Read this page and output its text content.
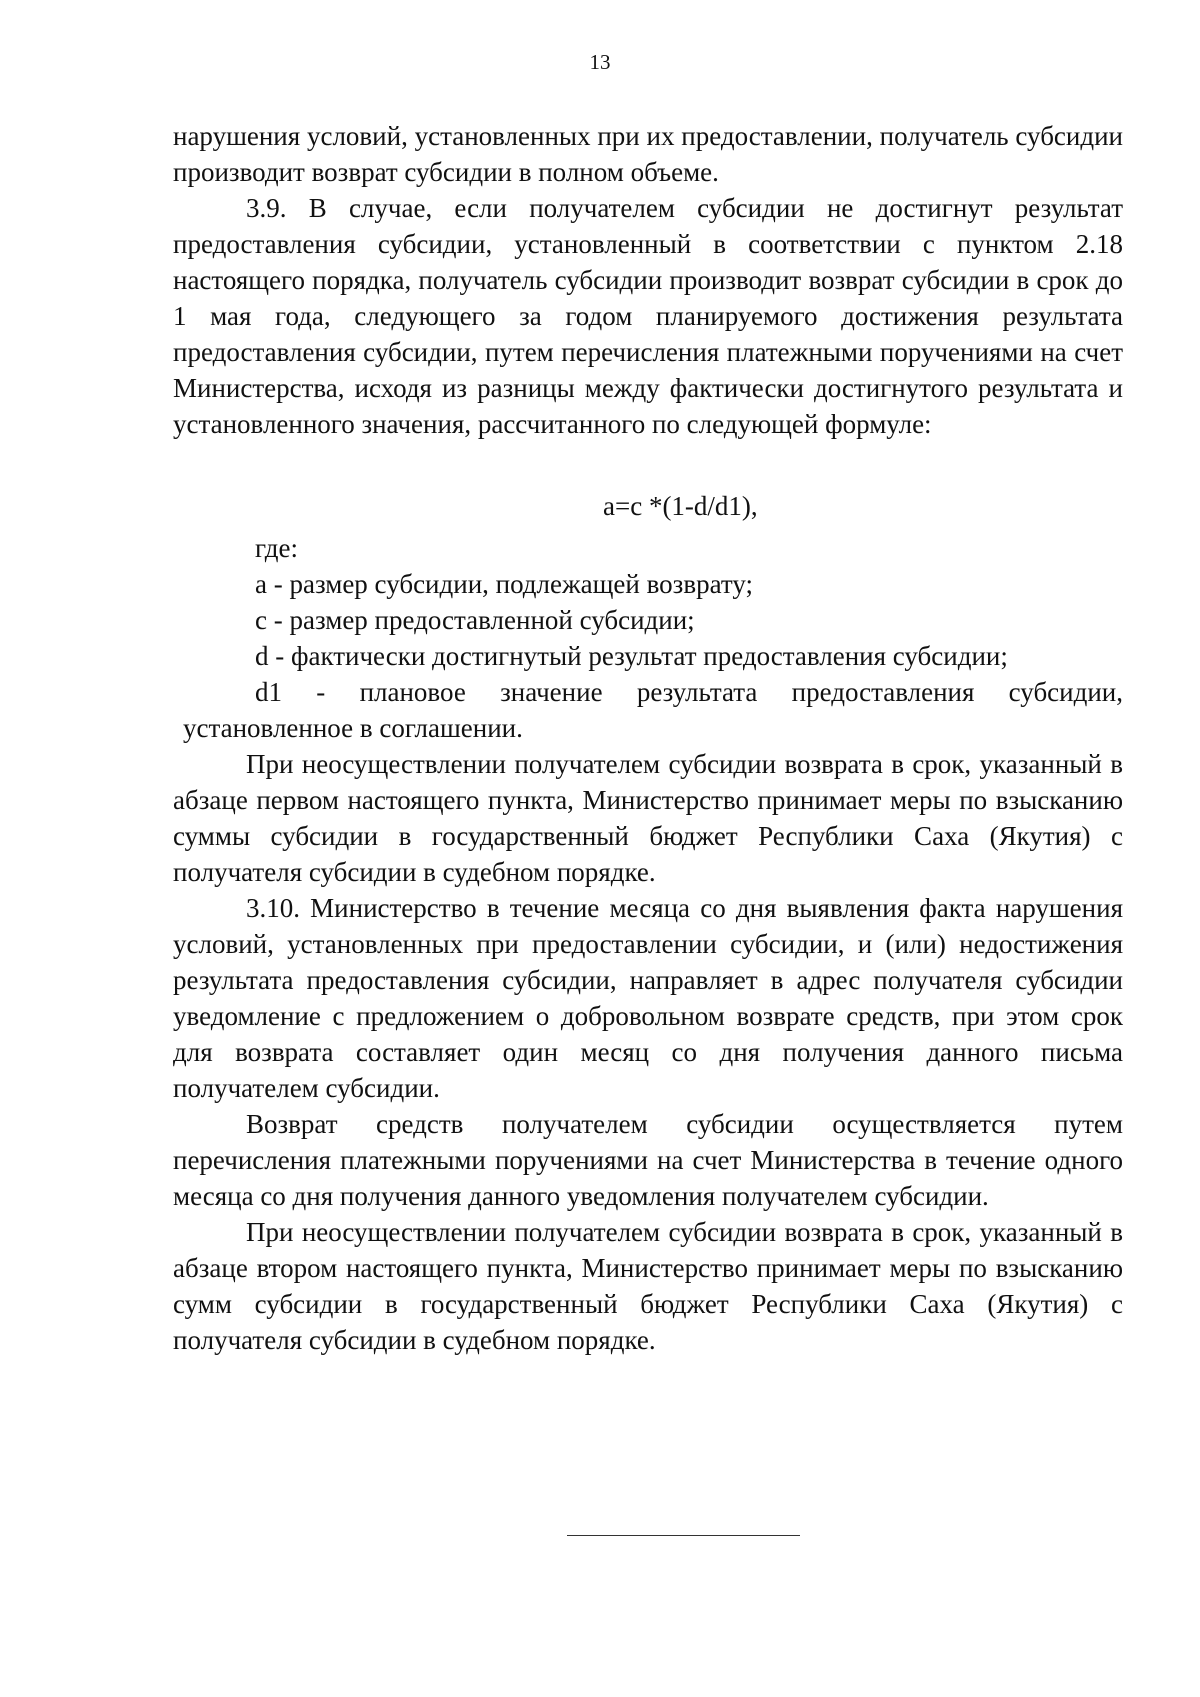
13

нарушения условий, установленных при их предоставлении, получатель субсидии производит возврат субсидии в полном объеме.

3.9. В случае, если получателем субсидии не достигнут результат предоставления субсидии, установленный в соответствии с пунктом 2.18 настоящего порядка, получатель субсидии производит возврат субсидии в срок до 1 мая года, следующего за годом планируемого достижения результата предоставления субсидии, путем перечисления платежными поручениями на счет Министерства, исходя из разницы между фактически достигнутого результата и установленного значения, рассчитанного по следующей формуле:

a=c *(1-d/d1),

где:

a - размер субсидии, подлежащей возврату;

c - размер предоставленной субсидии;

d - фактически достигнутый результат предоставления субсидии;

d1 - плановое значение результата предоставления субсидии, установленное в соглашении.

При неосуществлении получателем субсидии возврата в срок, указанный в абзаце первом настоящего пункта, Министерство принимает меры по взысканию суммы субсидии в государственный бюджет Республики Саха (Якутия) с получателя субсидии в судебном порядке.

3.10. Министерство в течение месяца со дня выявления факта нарушения условий, установленных при предоставлении субсидии, и (или) недостижения результата предоставления субсидии, направляет в адрес получателя субсидии уведомление с предложением о добровольном возврате средств, при этом срок для возврата составляет один месяц со дня получения данного письма получателем субсидии.

Возврат средств получателем субсидии осуществляется путем перечисления платежными поручениями на счет Министерства в течение одного месяца со дня получения данного уведомления получателем субсидии.

При неосуществлении получателем субсидии возврата в срок, указанный в абзаце втором настоящего пункта, Министерство принимает меры по взысканию сумм субсидии в государственный бюджет Республики Саха (Якутия) с получателя субсидии в судебном порядке.
